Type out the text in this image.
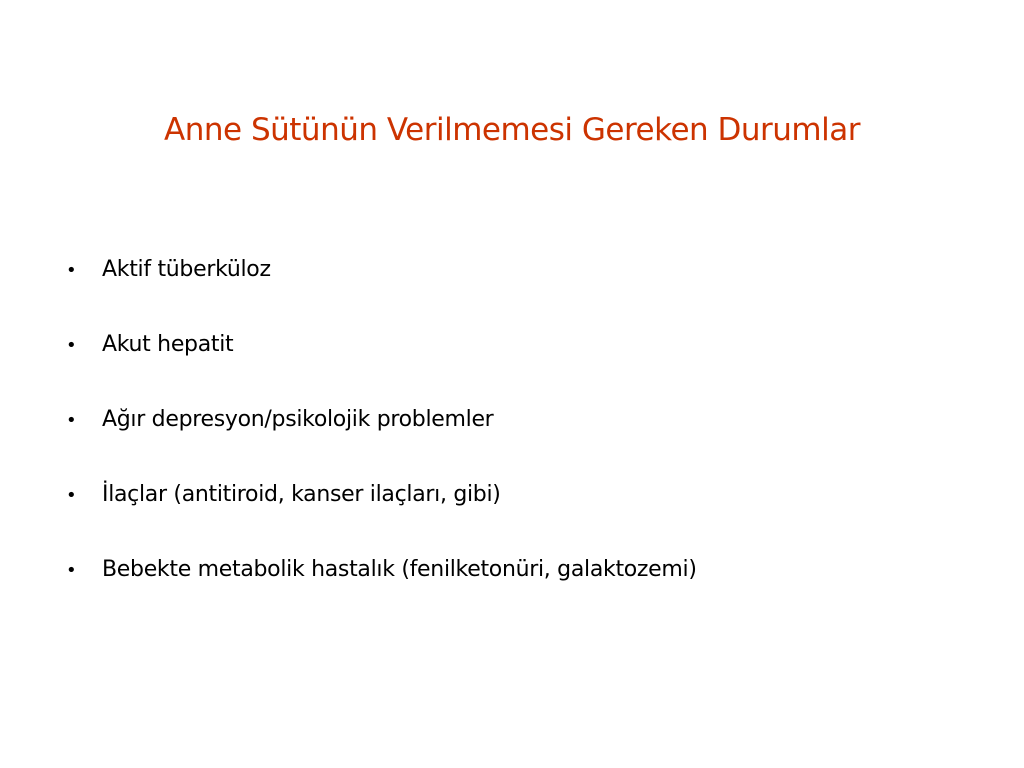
Anne Sütünün Verilmemesi Gereken Durumlar
•	Aktif tüberküloz
•	Akut hepatit
•	Ağır depresyon/psikolojik problemler
•	İlaçlar (antitiroid, kanser ilaçları, gibi)
•	Bebekte metabolik hastalık (fenilketonüri, galaktozemi)
